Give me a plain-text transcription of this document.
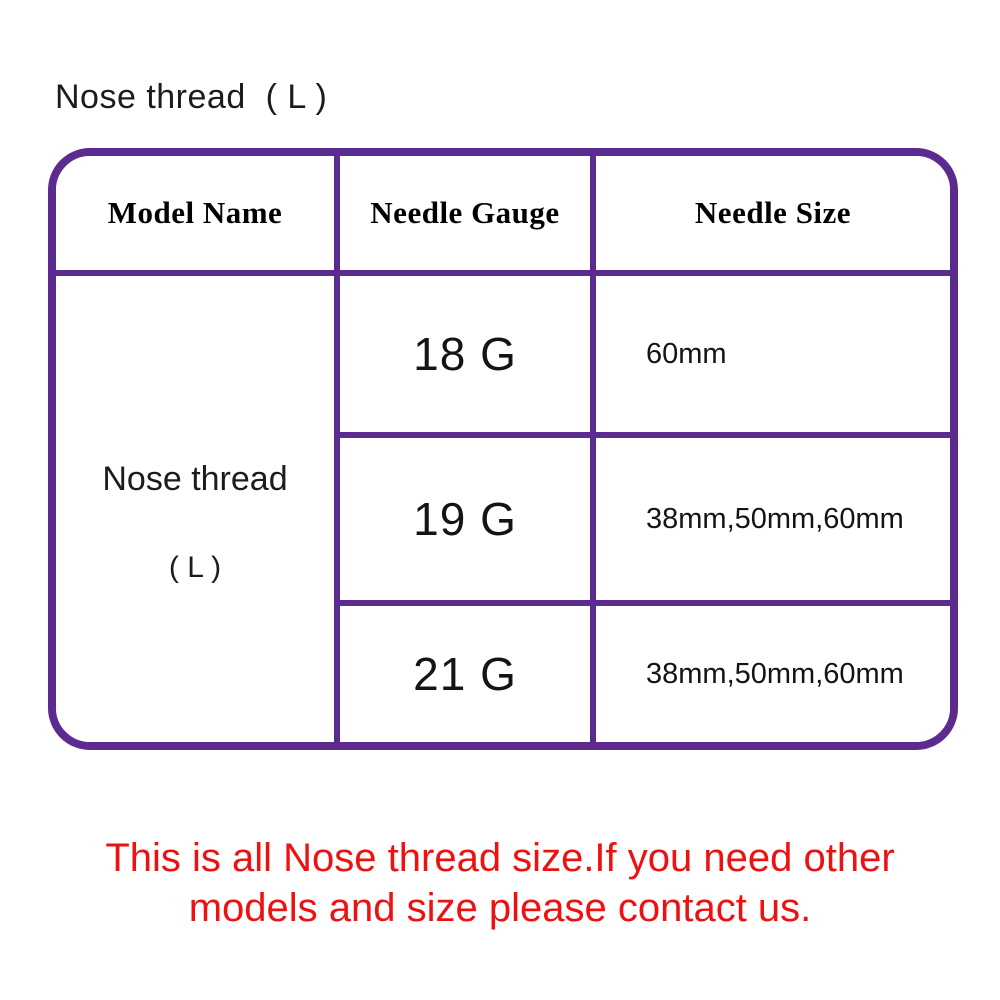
Nose thread  ( L )
Model Name	Needle Gauge	Needle Size
Nose thread
( L )
18 G	60mm
19 G	38mm,50mm,60mm
21 G	38mm,50mm,60mm
This is all Nose thread size.If you need other
models and size please contact us.
